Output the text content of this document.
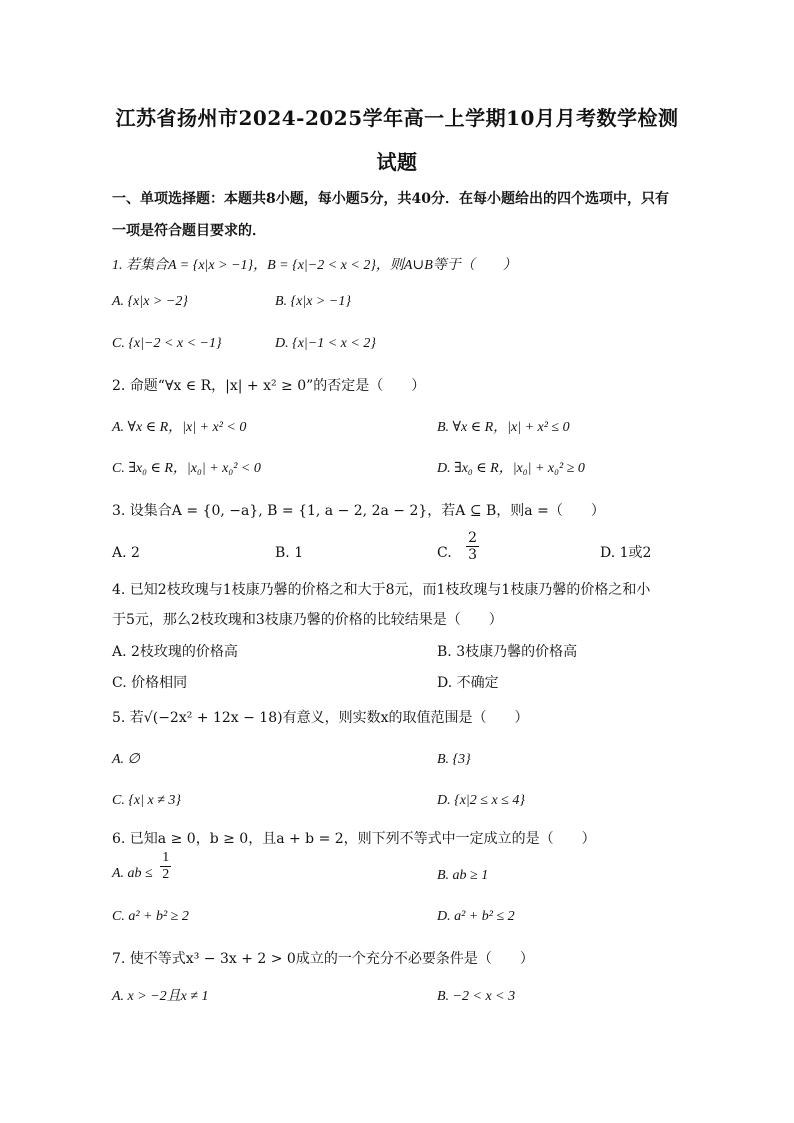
江苏省扬州市2024-2025学年高一上学期10月月考数学检测试题
一、单项选择题：本题共8小题，每小题5分，共40分．在每小题给出的四个选项中，只有一项是符合题目要求的．
1. 若集合A = {x|x > −1}，B = {x|−2 < x < 2}，则A∪B等于（　　）
A. {x|x > −2}	B. {x|x > −1}
C. {x|−2 < x < −1}	D. {x|−1 < x < 2}
2. 命题“∀x ∈ R，|x| + x² ≥ 0”的否定是（　　）
A. ∀x ∈ R，|x| + x² < 0	B. ∀x ∈ R，|x| + x² ≤ 0
C. ∃x₀ ∈ R，|x₀| + x₀² < 0	D. ∃x₀ ∈ R，|x₀| + x₀² ≥ 0
3. 设集合A = {0, −a}, B = {1, a − 2, 2a − 2}，若A ⊆ B，则a =（　　）
A. 2	B. 1	C. $\frac{2}{3}$	D. 1或2
4. 已知2枝玫瑰与1枝康乃馨的价格之和大于8元，而1枝玫瑰与1枝康乃馨的价格之和小
于5元，那么2枝玫瑰和3枝康乃馨的价格的比较结果是（　　）
A. 2枝玫瑰的价格高	B. 3枝康乃馨的价格高
C. 价格相同	D. 不确定
5. 若√(−2x² + 12x − 18)有意义，则实数x的取值范围是（　　）
A. ∅	B. {3}
C. {x| x ≠ 3}	D. {x|2 ≤ x ≤ 4}
6. 已知a ≥ 0，b ≥ 0，且a + b = 2，则下列不等式中一定成立的是（　　）
A. ab ≤ $\frac{1}{2}$	B. ab ≥ 1
C. a² + b² ≥ 2	D. a² + b² ≤ 2
7. 使不等式x³ − 3x + 2 > 0成立的一个充分不必要条件是（　　）
A. x > −2且x ≠ 1	B. −2 < x < 3
